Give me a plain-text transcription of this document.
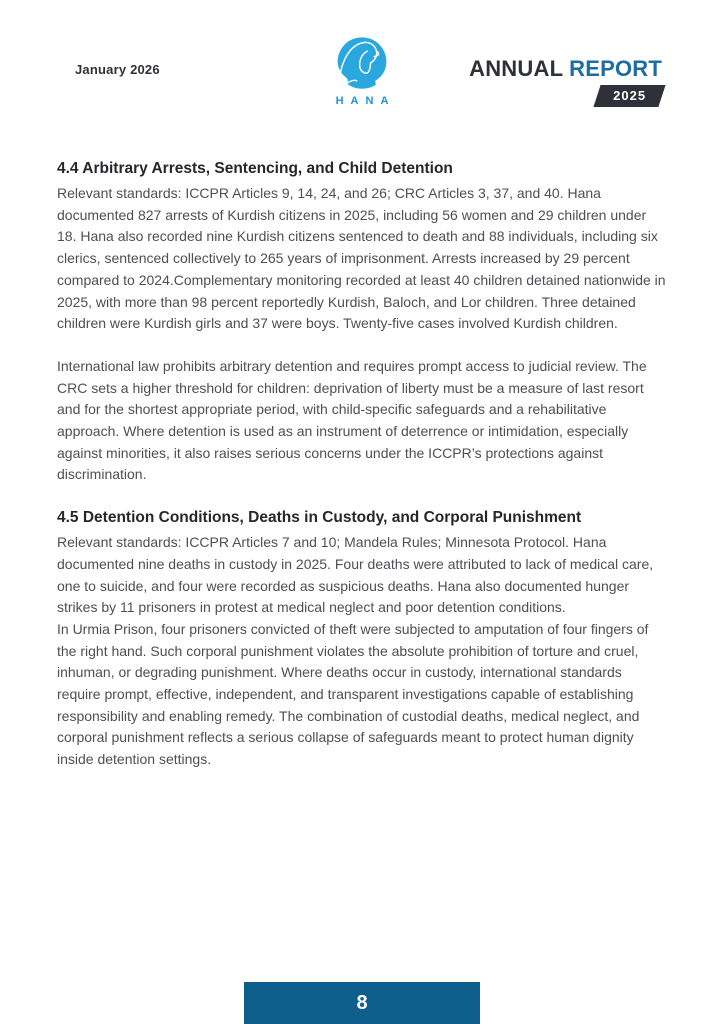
January 2026
HANA
ANNUAL REPORT
2025
4.4 Arbitrary Arrests, Sentencing, and Child Detention

Relevant standards: ICCPR Articles 9, 14, 24, and 26; CRC Articles 3, 37, and 40. Hana documented 827 arrests of Kurdish citizens in 2025, including 56 women and 29 children under 18. Hana also recorded nine Kurdish citizens sentenced to death and 88 individuals, including six clerics, sentenced collectively to 265 years of imprisonment. Arrests increased by 29 percent compared to 2024.Complementary monitoring recorded at least 40 children detained nationwide in 2025, with more than 98 percent reportedly Kurdish, Baloch, and Lor children. Three detained children were Kurdish girls and 37 were boys. Twenty-five cases involved Kurdish children.

International law prohibits arbitrary detention and requires prompt access to judicial review. The CRC sets a higher threshold for children: deprivation of liberty must be a measure of last resort and for the shortest appropriate period, with child-specific safeguards and a rehabilitative approach. Where detention is used as an instrument of deterrence or intimidation, especially against minorities, it also raises serious concerns under the ICCPR’s protections against discrimination.

4.5 Detention Conditions, Deaths in Custody, and Corporal Punishment

Relevant standards: ICCPR Articles 7 and 10; Mandela Rules; Minnesota Protocol. Hana documented nine deaths in custody in 2025. Four deaths were attributed to lack of medical care, one to suicide, and four were recorded as suspicious deaths. Hana also documented hunger strikes by 11 prisoners in protest at medical neglect and poor detention conditions.

In Urmia Prison, four prisoners convicted of theft were subjected to amputation of four fingers of the right hand. Such corporal punishment violates the absolute prohibition of torture and cruel, inhuman, or degrading punishment. Where deaths occur in custody, international standards require prompt, effective, independent, and transparent investigations capable of establishing responsibility and enabling remedy. The combination of custodial deaths, medical neglect, and corporal punishment reflects a serious collapse of safeguards meant to protect human dignity inside detention settings.

8
